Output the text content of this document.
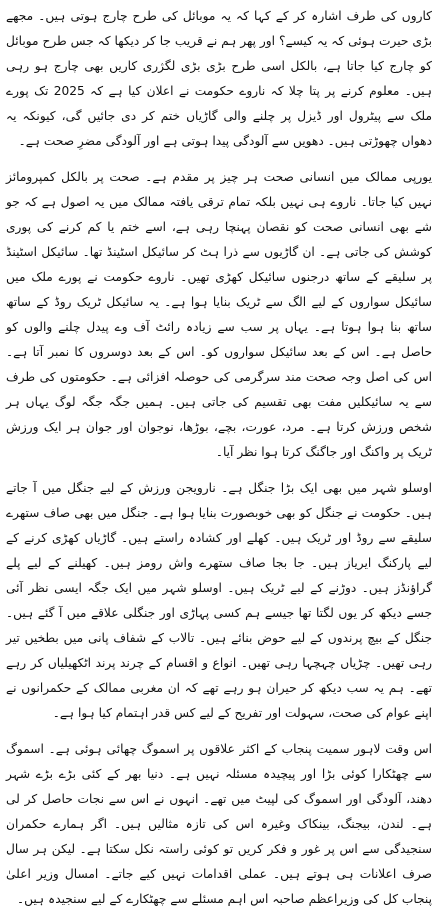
کاروں کی طرف اشارہ کر کے کہا کہ یہ موبائل کی طرح چارج ہوتی ہیں۔ مجھے بڑی حیرت ہوئی کہ یہ کیسے؟ اور پھر ہم نے قریب جا کر دیکھا کہ جس طرح موبائل کو چارج کیا جاتا ہے، بالکل اسی طرح بڑی بڑی لگژری کاریں بھی چارج ہو رہی ہیں۔ معلوم کرنے پر پتا چلا کہ ناروے حکومت نے اعلان کیا ہے کہ 2025 تک پورے ملک سے پیٹرول اور ڈیزل پر چلنے والی گاڑیاں ختم کر دی جائیں گی، کیونکہ یہ دھواں چھوڑتی ہیں۔ دھویں سے آلودگی پیدا ہوتی ہے اور آلودگی مضرِ صحت ہے۔

یورپی ممالک میں انسانی صحت ہر چیز پر مقدم ہے۔ صحت پر بالکل کمپرومائز نہیں کیا جاتا۔ ناروے ہی نہیں بلکہ تمام ترقی یافتہ ممالک میں یہ اصول ہے کہ جو شے بھی انسانی صحت کو نقصان پہنچا رہی ہے، اسے ختم یا کم کرنے کی پوری کوشش کی جاتی ہے۔ ان گاڑیوں سے ذرا ہٹ کر سائیکل اسٹینڈ تھا۔ سائیکل اسٹینڈ پر سلیقے کے ساتھ درجنوں سائیکل کھڑی تھیں۔ ناروے حکومت نے پورے ملک میں سائیکل سواروں کے لیے الگ سے ٹریک بنایا ہوا ہے۔ یہ سائیکل ٹریک روڈ کے ساتھ ساتھ بنا ہوا ہوتا ہے۔ یہاں پر سب سے زیادہ رائٹ آف وے پیدل چلنے والوں کو حاصل ہے۔ اس کے بعد سائیکل سواروں کو۔ اس کے بعد دوسروں کا نمبر آتا ہے۔ اس کی اصل وجہ صحت مند سرگرمی کی حوصلہ افزائی ہے۔ حکومتوں کی طرف سے یہ سائیکلیں مفت بھی تقسیم کی جاتی ہیں۔ ہمیں جگہ جگہ لوگ یہاں ہر شخص ورزش کرتا ہے۔ مرد، عورت، بچے، بوڑھا، نوجوان اور جوان ہر ایک ورزش ٹریک پر واکنگ اور جاگنگ کرتا ہوا نظر آیا۔

اوسلو شہر میں بھی ایک بڑا جنگل ہے۔ نارویجن ورزش کے لیے جنگل میں آ جاتے ہیں۔ حکومت نے جنگل کو بھی خوبصورت بنایا ہوا ہے۔ جنگل میں بھی صاف ستھرے سلیقے سے روڈ اور ٹریک ہیں۔ کھلے اور کشادہ راستے ہیں۔ گاڑیاں کھڑی کرنے کے لیے پارکنگ ایریاز ہیں۔ جا بجا صاف ستھرے واش رومز ہیں۔ کھیلنے کے لیے پلے گراؤنڈز ہیں۔ دوڑنے کے لیے ٹریک ہیں۔ اوسلو شہر میں ایک جگہ ایسی نظر آئی جسے دیکھ کر یوں لگتا تھا جیسے ہم کسی پہاڑی اور جنگلی علاقے میں آ گئے ہیں۔ جنگل کے بیچ پرندوں کے لیے حوض بنائے ہیں۔ تالاب کے شفاف پانی میں بطخیں تیر رہی تھیں۔ چڑیاں چہچہا رہی تھیں۔ انواع و اقسام کے چرند پرند اٹکھیلیاں کر رہے تھے۔ ہم یہ سب دیکھ کر حیران ہو رہے تھے کہ ان مغربی ممالک کے حکمرانوں نے اپنے عوام کی صحت، سہولت اور تفریح کے لیے کس قدر اہتمام کیا ہوا ہے۔

اس وقت لاہور سمیت پنجاب کے اکثر علاقوں پر اسموگ چھائی ہوئی ہے۔ اسموگ سے چھٹکارا کوئی بڑا اور پیچیدہ مسئلہ نہیں ہے۔ دنیا بھر کے کئی بڑے بڑے شہر دھند، آلودگی اور اسموگ کی لپیٹ میں تھے۔ انہوں نے اس سے نجات حاصل کر لی ہے۔ لندن، بیجنگ، بینکاک وغیرہ اس کی تازہ مثالیں ہیں۔ اگر ہمارے حکمران سنجیدگی سے اس پر غور و فکر کریں تو کوئی راستہ نکل سکتا ہے۔ لیکن ہر سال صرف اعلانات ہی ہوتے ہیں۔ عملی اقدامات نہیں کیے جاتے۔ امسال وزیر اعلیٰ پنجاب کل کی وزیراعظم صاحبہ اس اہم مسئلے سے چھٹکارے کے لیے سنجیدہ ہیں۔
